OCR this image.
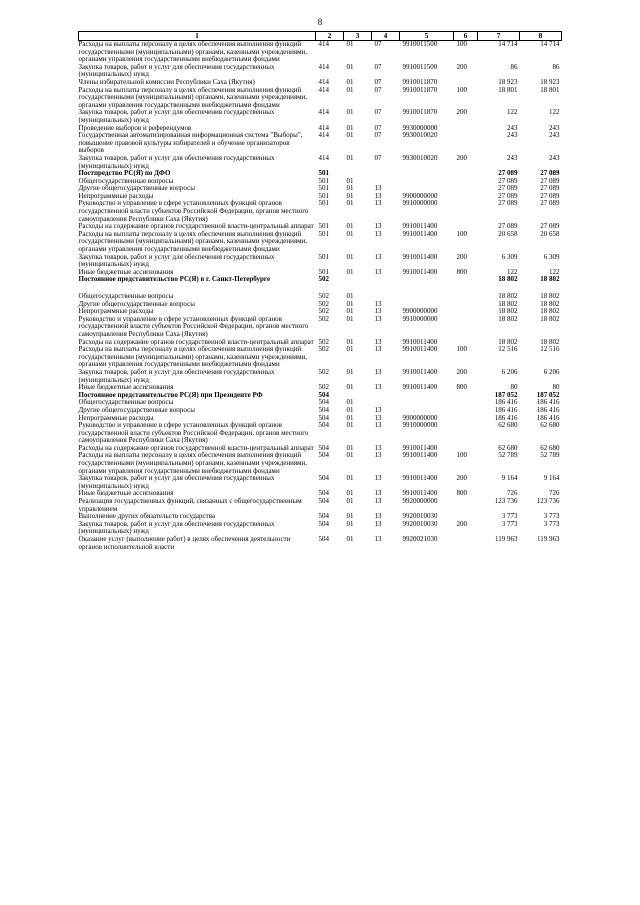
8
1	2	3	4	5	6	7	8
Расходы на выплаты персоналу в целях обеспечения выполнения функций государственными (муниципальными) органами, казенными учреждениями, органами управления государственными внебюджетными фондами	414	01	07	9910011500	100	14 714	14 714
Закупка товаров, работ и услуг для обеспечения государственных (муниципальных) нужд	414	01	07	9910011500	200	86	86
Члены избирательной комиссии Республики Саха (Якутия)	414	01	07	9910011870		18 923	18 923
Расходы на выплаты персоналу в целях обеспечения выполнения функций государственными (муниципальными) органами, казенными учреждениями, органами управления государственными внебюджетными фондами	414	01	07	9910011870	100	18 801	18 801
Закупка товаров, работ и услуг для обеспечения государственных (муниципальных) нужд	414	01	07	9910011870	200	122	122
Проведение выборов и референдумов	414	01	07	9930000000		243	243
Государственная автоматизированная информационная система "Выборы", повышение правовой культуры избирателей и обучение организаторов выборов	414	01	07	9930010020		243	243
Закупка товаров, работ и услуг для обеспечения государственных (муниципальных) нужд	414	01	07	9930010020	200	243	243
Постпредство РС(Я) по ДФО	501					27 089	27 089
Общегосударственные вопросы	501	01				27 089	27 089
Другие общегосударственные вопросы	501	01	13			27 089	27 089
Непрограммные расходы	501	01	13	9900000000		27 089	27 089
Руководство и управление в сфере установленных функций органов государственной власти субъектов Российской Федерации, органов местного самоуправления Республики Саха (Якутия)	501	01	13	9910000000		27 089	27 089
Расходы на содержание органов государственной власти-центральный аппарат	501	01	13	9910011400		27 089	27 089
Расходы на выплаты персоналу в целях обеспечения выполнения функций государственными (муниципальными) органами, казенными учреждениями, органами управления государственными внебюджетными фондами	501	01	13	9910011400	100	20 658	20 658
Закупка товаров, работ и услуг для обеспечения государственных (муниципальных) нужд	501	01	13	9910011400	200	6 309	6 309
Иные бюджетные ассигнования	501	01	13	9910011400	800	122	122
Постоянное представительство РС(Я) в г. Санкт-Петербурге	502					18 802	18 802
Общегосударственные вопросы	502	01				18 802	18 802
Другие общегосударственные вопросы	502	01	13			18 802	18 802
Непрограммные расходы	502	01	13	9900000000		18 802	18 802
Руководство и управление в сфере установленных функций органов государственной власти субъектов Российской Федерации, органов местного самоуправления Республики Саха (Якутия)	502	01	13	9910000000		18 802	18 802
Расходы на содержание органов государственной власти-центральный аппарат	502	01	13	9910011400		18 802	18 802
Расходы на выплаты персоналу в целях обеспечения выполнения функций государственными (муниципальными) органами, казенными учреждениями, органами управления государственными внебюджетными фондами	502	01	13	9910011400	100	12 516	12 516
Закупка товаров, работ и услуг для обеспечения государственных (муниципальных) нужд	502	01	13	9910011400	200	6 206	6 206
Иные бюджетные ассигнования	502	01	13	9910011400	800	80	80
Постоянное представительство РС(Я) при Президенте РФ	504					187 052	187 052
Общегосударственные вопросы	504	01				186 416	186 416
Другие общегосударственные вопросы	504	01	13			186 416	186 416
Непрограммные расходы	504	01	13	9900000000		186 416	186 416
Руководство и управление в сфере установленных функций органов государственной власти субъектов Российской Федерации, органов местного самоуправления Республики Саха (Якутия)	504	01	13	9910000000		62 680	62 680
Расходы на содержание органов государственной власти-центральный аппарат	504	01	13	9910011400		62 680	62 680
Расходы на выплаты персоналу в целях обеспечения выполнения функций государственными (муниципальными) органами, казенными учреждениями, органами управления государственными внебюджетными фондами	504	01	13	9910011400	100	52 789	52 789
Закупка товаров, работ и услуг для обеспечения государственных (муниципальных) нужд	504	01	13	9910011400	200	9 164	9 164
Иные бюджетные ассигнования	504	01	13	9910011400	800	726	726
Реализация государственных функций, связанных с общегосударственным управлением	504	01	13	9920000000		123 736	123 736
Выполнение других обязательств государства	504	01	13	9920010030		3 773	3 773
Закупка товаров, работ и услуг для обеспечения государственных (муниципальных) нужд	504	01	13	9920010030	200	3 773	3 773
Оказание услуг (выполнение работ) в целях обеспечения деятельности органов исполнительной власти	504	01	13	9920021030		119 963	119 963
